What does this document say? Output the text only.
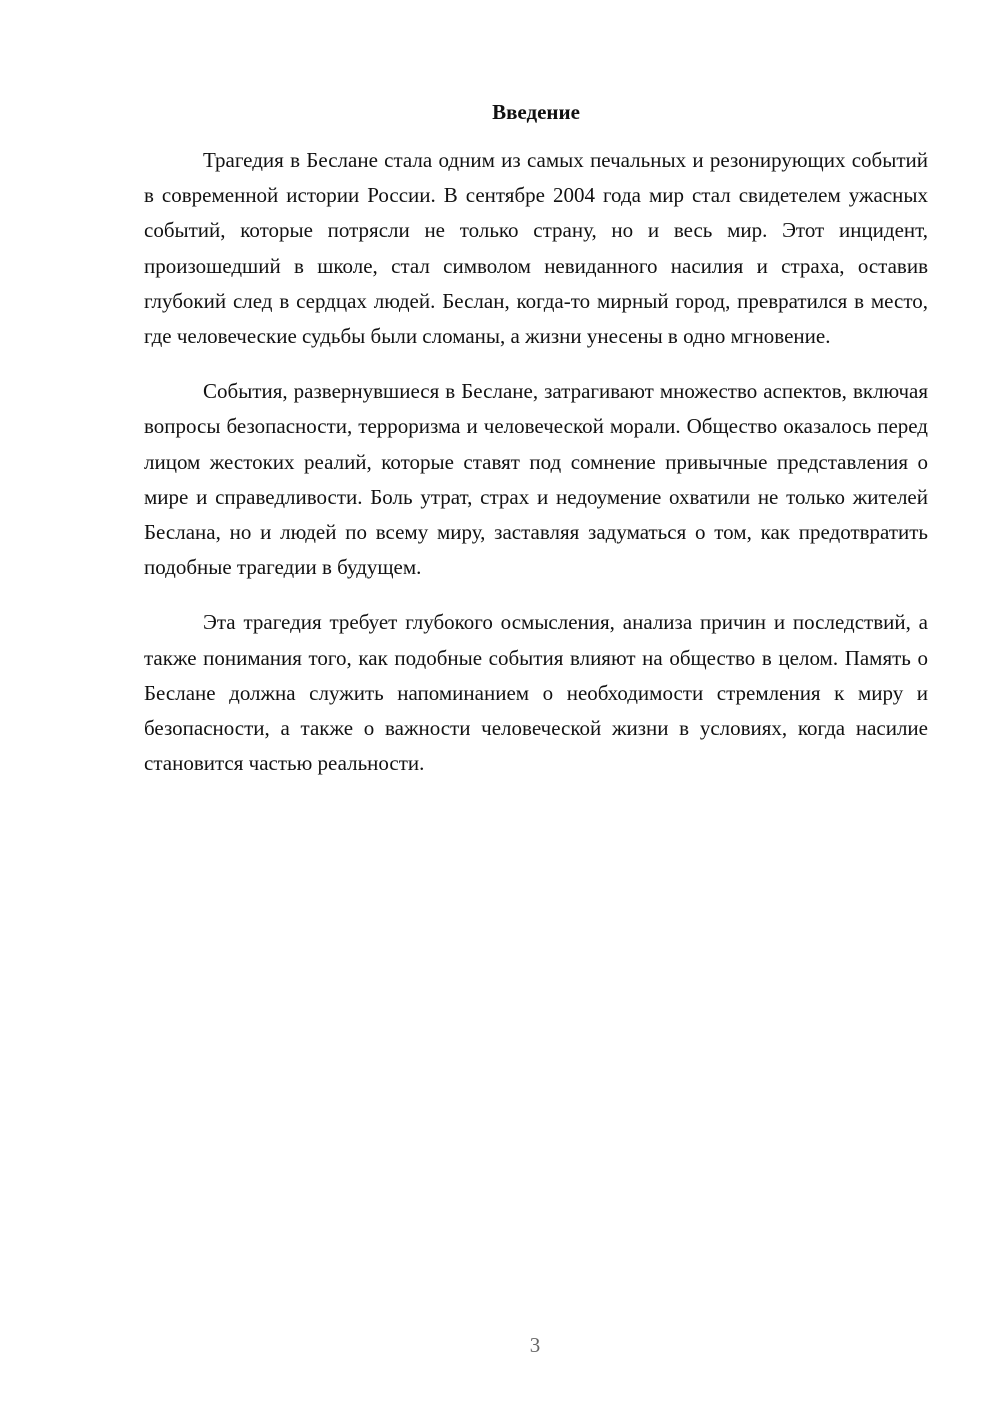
Введение

Трагедия в Беслане стала одним из самых печальных и резонирующих событий в современной истории России. В сентябре 2004 года мир стал свидетелем ужасных событий, которые потрясли не только страну, но и весь мир. Этот инцидент, произошедший в школе, стал символом невиданного насилия и страха, оставив глубокий след в сердцах людей. Беслан, когда-то мирный город, превратился в место, где человеческие судьбы были сломаны, а жизни унесены в одно мгновение.

События, развернувшиеся в Беслане, затрагивают множество аспектов, включая вопросы безопасности, терроризма и человеческой морали. Общество оказалось перед лицом жестоких реалий, которые ставят под сомнение привычные представления о мире и справедливости. Боль утрат, страх и недоумение охватили не только жителей Беслана, но и людей по всему миру, заставляя задуматься о том, как предотвратить подобные трагедии в будущем.

Эта трагедия требует глубокого осмысления, анализа причин и последствий, а также понимания того, как подобные события влияют на общество в целом. Память о Беслане должна служить напоминанием о необходимости стремления к миру и безопасности, а также о важности человеческой жизни в условиях, когда насилие становится частью реальности.

3
